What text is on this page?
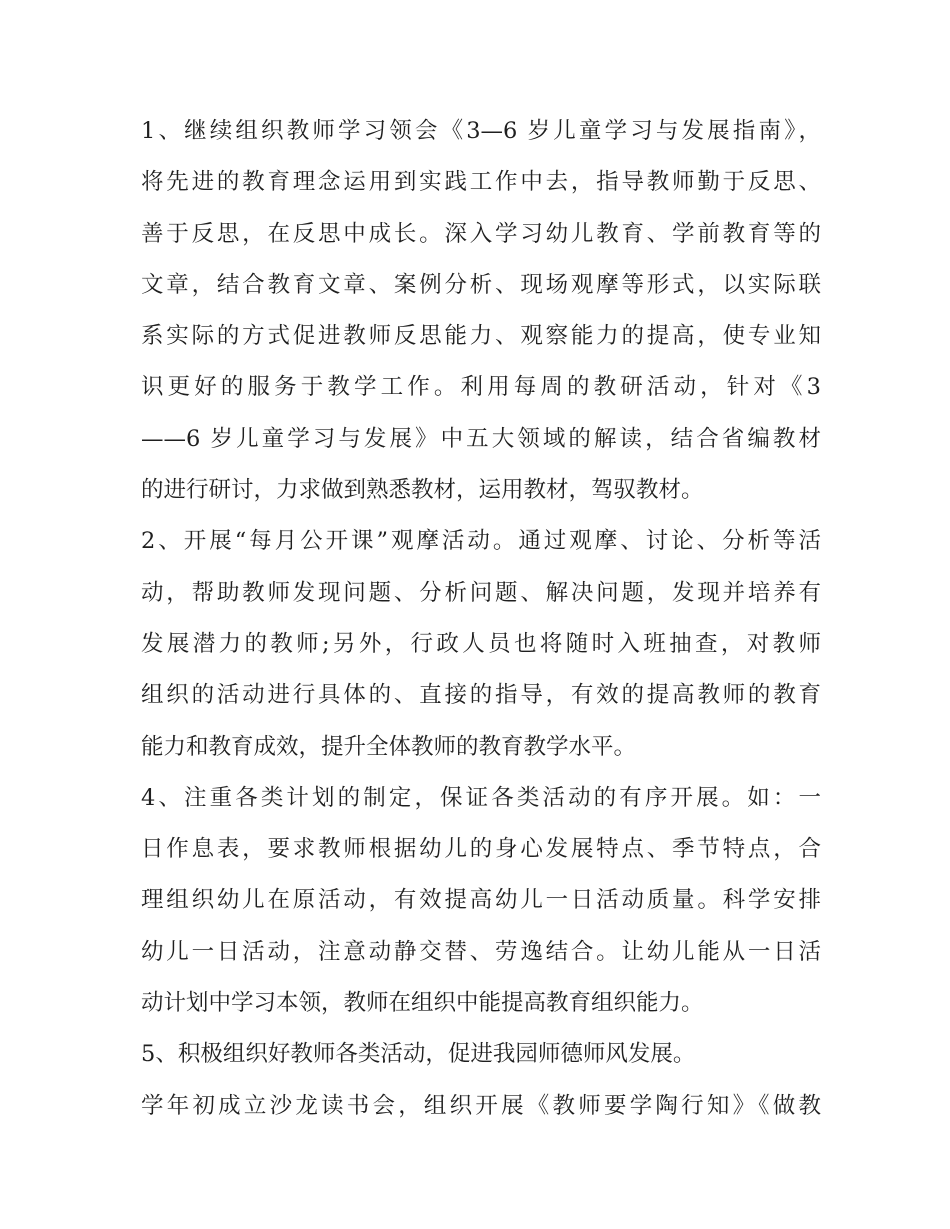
1、继续组织教师学习领会《3—6 岁儿童学习与发展指南》，
将先进的教育理念运用到实践工作中去，指导教师勤于反思、
善于反思，在反思中成长。深入学习幼儿教育、学前教育等的
文章，结合教育文章、案例分析、现场观摩等形式，以实际联
系实际的方式促进教师反思能力、观察能力的提高，使专业知
识更好的服务于教学工作。利用每周的教研活动，针对《3
——6 岁儿童学习与发展》中五大领域的解读，结合省编教材
的进行研讨，力求做到熟悉教材，运用教材，驾驭教材。
2、开展“每月公开课”观摩活动。通过观摩、讨论、分析等活
动，帮助教师发现问题、分析问题、解决问题，发现并培养有
发展潜力的教师;另外，行政人员也将随时入班抽查，对教师
组织的活动进行具体的、直接的指导，有效的提高教师的教育
能力和教育成效，提升全体教师的教育教学水平。
4、注重各类计划的制定，保证各类活动的有序开展。如：一
日作息表，要求教师根据幼儿的身心发展特点、季节特点，合
理组织幼儿在原活动，有效提高幼儿一日活动质量。科学安排
幼儿一日活动，注意动静交替、劳逸结合。让幼儿能从一日活
动计划中学习本领，教师在组织中能提高教育组织能力。
5、积极组织好教师各类活动，促进我园师德师风发展。
学年初成立沙龙读书会，组织开展《教师要学陶行知》《做教
